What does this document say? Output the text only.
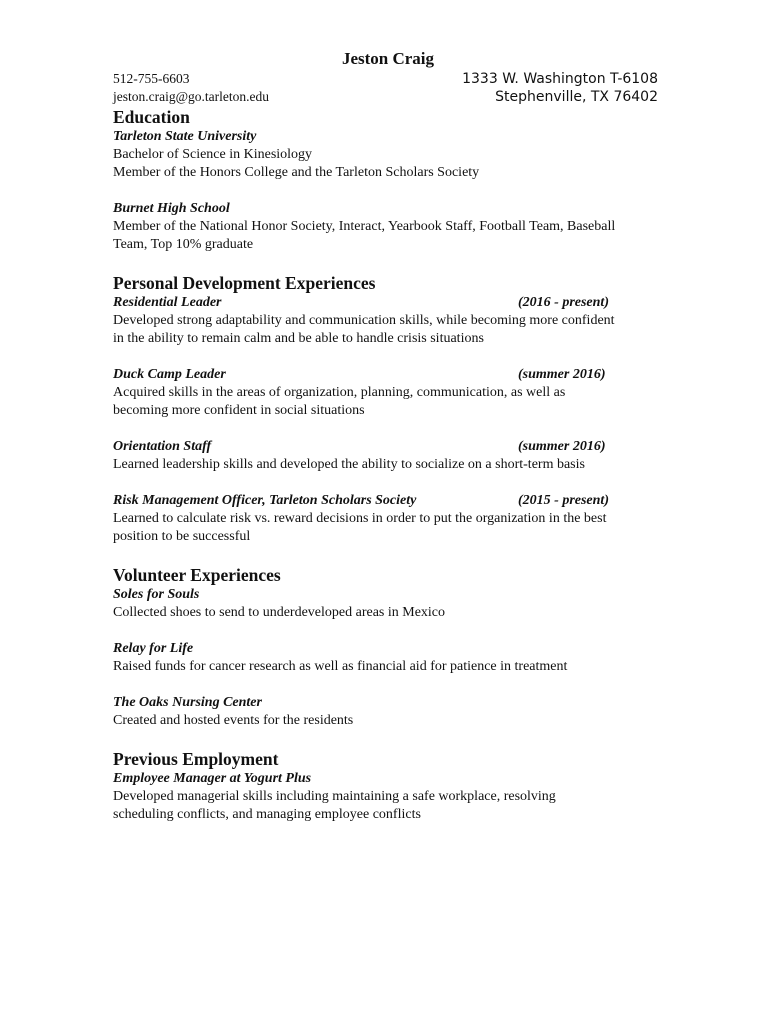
Jeston Craig
512-755-6603	1333 W. Washington T-6108
jeston.craig@go.tarleton.edu	Stephenville, TX 76402
Education
Tarleton State University
Bachelor of Science in Kinesiology
Member of the Honors College and the Tarleton Scholars Society
Burnet High School
Member of the National Honor Society, Interact, Yearbook Staff, Football Team, Baseball
Team, Top 10% graduate
Personal Development Experiences
Residential Leader	(2016 - present)
Developed strong adaptability and communication skills, while becoming more confident
in the ability to remain calm and be able to handle crisis situations
Duck Camp Leader	(summer 2016)
Acquired skills in the areas of organization, planning, communication, as well as
becoming more confident in social situations
Orientation Staff	(summer 2016)
Learned leadership skills and developed the ability to socialize on a short-term basis
Risk Management Officer, Tarleton Scholars Society	(2015 - present)
Learned to calculate risk vs. reward decisions in order to put the organization in the best
position to be successful
Volunteer Experiences
Soles for Souls
Collected shoes to send to underdeveloped areas in Mexico
Relay for Life
Raised funds for cancer research as well as financial aid for patience in treatment
The Oaks Nursing Center
Created and hosted events for the residents
Previous Employment
Employee Manager at Yogurt Plus
Developed managerial skills including maintaining a safe workplace, resolving
scheduling conflicts, and managing employee conflicts
